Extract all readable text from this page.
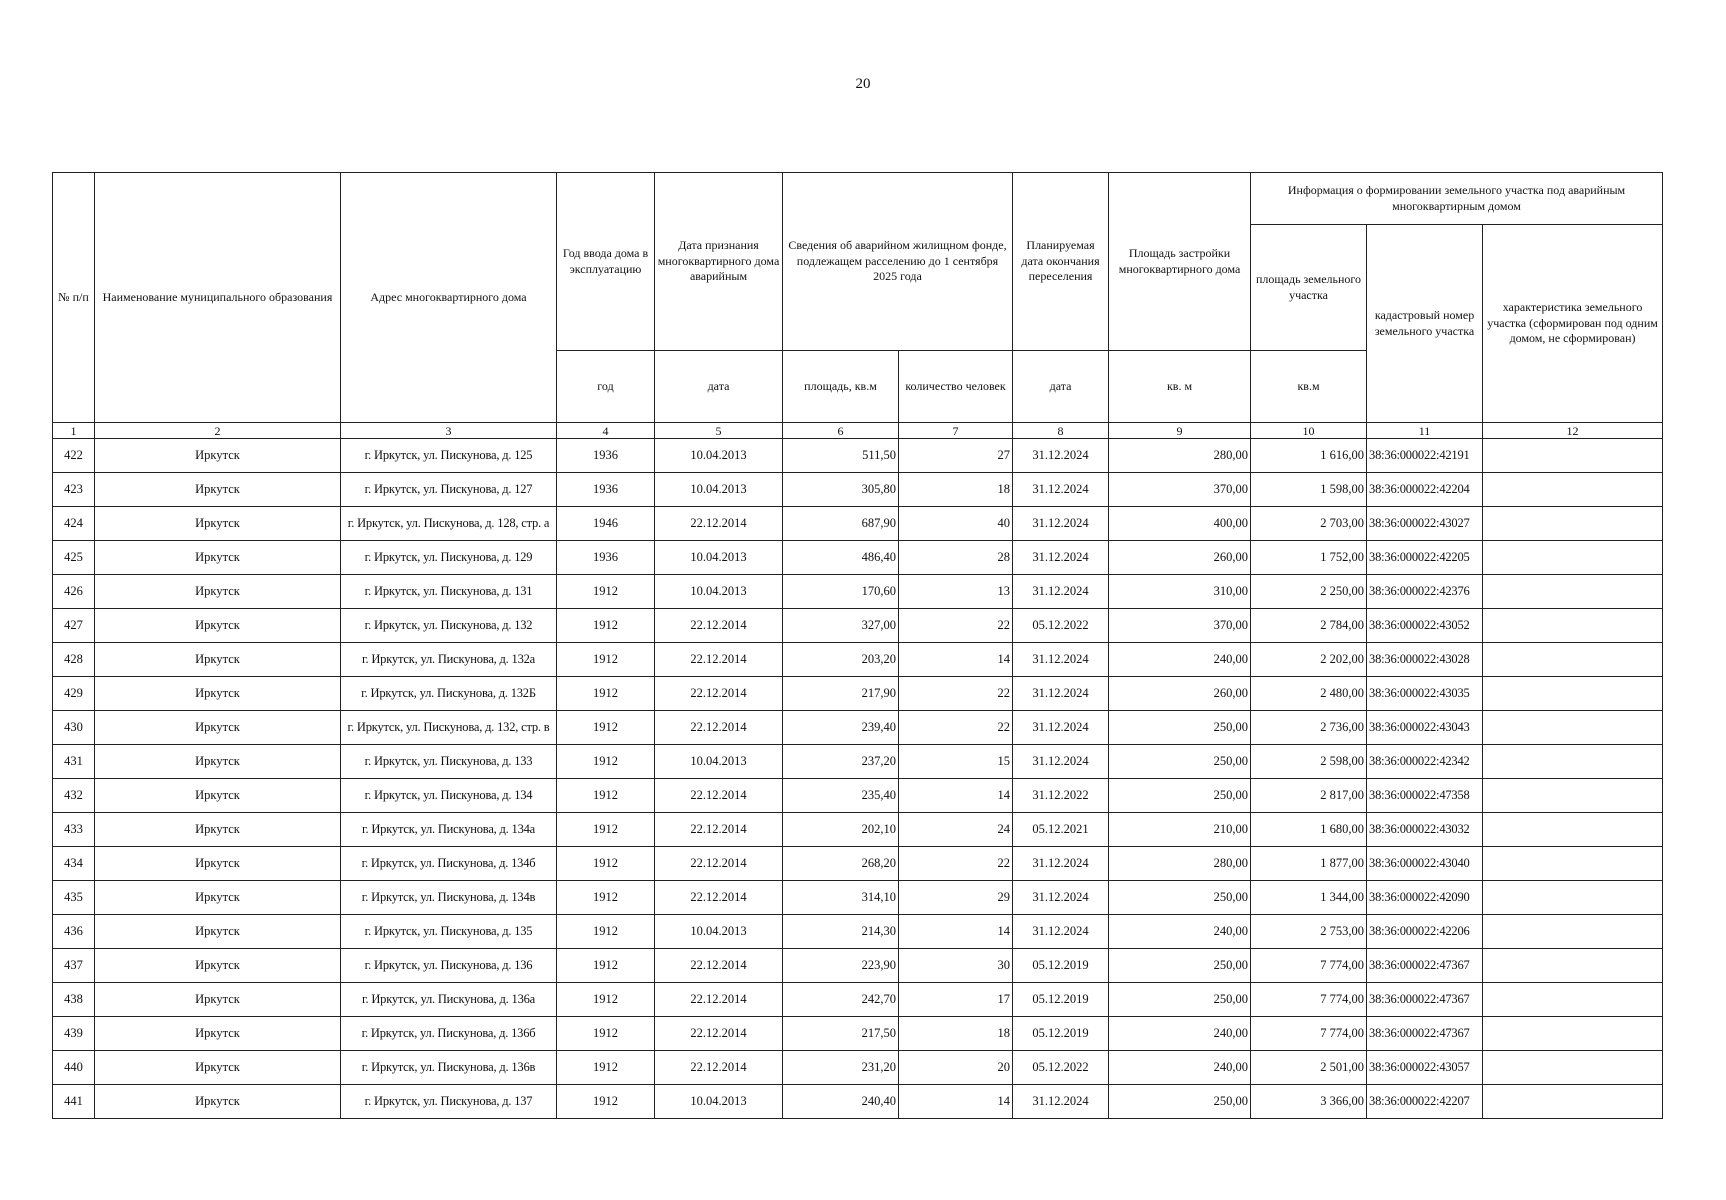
20
№ п/п	Наименование муниципального образования	Адрес многоквартирного дома	Год ввода дома в эксплуатацию	Дата признания многоквартирного дома аварийным	Сведения об аварийном жилищном фонде, подлежащем расселению до 1 сентября 2025 года		Планируемая дата окончания переселения	Площадь застройки многоквартирного дома	Информация о формировании земельного участка под аварийным многоквартирным домом		
									площадь земельного участка	кадастровый номер земельного участка	характеристика земельного участка (сформирован под одним домом, не сформирован)
			год	дата	площадь, кв.м	количество человек	дата	кв. м	кв.м		
1	2	3	4	5	6	7	8	9	10	11	12
422	Иркутск	г. Иркутск, ул. Пискунова, д. 125	1936	10.04.2013	511,50	27	31.12.2024	280,00	1 616,00	38:36:000022:42191	
423	Иркутск	г. Иркутск, ул. Пискунова, д. 127	1936	10.04.2013	305,80	18	31.12.2024	370,00	1 598,00	38:36:000022:42204	
424	Иркутск	г. Иркутск, ул. Пискунова, д. 128, стр. а	1946	22.12.2014	687,90	40	31.12.2024	400,00	2 703,00	38:36:000022:43027	
425	Иркутск	г. Иркутск, ул. Пискунова, д. 129	1936	10.04.2013	486,40	28	31.12.2024	260,00	1 752,00	38:36:000022:42205	
426	Иркутск	г. Иркутск, ул. Пискунова, д. 131	1912	10.04.2013	170,60	13	31.12.2024	310,00	2 250,00	38:36:000022:42376	
427	Иркутск	г. Иркутск, ул. Пискунова, д. 132	1912	22.12.2014	327,00	22	05.12.2022	370,00	2 784,00	38:36:000022:43052	
428	Иркутск	г. Иркутск, ул. Пискунова, д. 132а	1912	22.12.2014	203,20	14	31.12.2024	240,00	2 202,00	38:36:000022:43028	
429	Иркутск	г. Иркутск, ул. Пискунова, д. 132Б	1912	22.12.2014	217,90	22	31.12.2024	260,00	2 480,00	38:36:000022:43035	
430	Иркутск	г. Иркутск, ул. Пискунова, д. 132, стр. в	1912	22.12.2014	239,40	22	31.12.2024	250,00	2 736,00	38:36:000022:43043	
431	Иркутск	г. Иркутск, ул. Пискунова, д. 133	1912	10.04.2013	237,20	15	31.12.2024	250,00	2 598,00	38:36:000022:42342	
432	Иркутск	г. Иркутск, ул. Пискунова, д. 134	1912	22.12.2014	235,40	14	31.12.2022	250,00	2 817,00	38:36:000022:47358	
433	Иркутск	г. Иркутск, ул. Пискунова, д. 134а	1912	22.12.2014	202,10	24	05.12.2021	210,00	1 680,00	38:36:000022:43032	
434	Иркутск	г. Иркутск, ул. Пискунова, д. 134б	1912	22.12.2014	268,20	22	31.12.2024	280,00	1 877,00	38:36:000022:43040	
435	Иркутск	г. Иркутск, ул. Пискунова, д. 134в	1912	22.12.2014	314,10	29	31.12.2024	250,00	1 344,00	38:36:000022:42090	
436	Иркутск	г. Иркутск, ул. Пискунова, д. 135	1912	10.04.2013	214,30	14	31.12.2024	240,00	2 753,00	38:36:000022:42206	
437	Иркутск	г. Иркутск, ул. Пискунова, д. 136	1912	22.12.2014	223,90	30	05.12.2019	250,00	7 774,00	38:36:000022:47367	
438	Иркутск	г. Иркутск, ул. Пискунова, д. 136а	1912	22.12.2014	242,70	17	05.12.2019	250,00	7 774,00	38:36:000022:47367	
439	Иркутск	г. Иркутск, ул. Пискунова, д. 136б	1912	22.12.2014	217,50	18	05.12.2019	240,00	7 774,00	38:36:000022:47367	
440	Иркутск	г. Иркутск, ул. Пискунова, д. 136в	1912	22.12.2014	231,20	20	05.12.2022	240,00	2 501,00	38:36:000022:43057	
441	Иркутск	г. Иркутск, ул. Пискунова, д. 137	1912	10.04.2013	240,40	14	31.12.2024	250,00	3 366,00	38:36:000022:42207	
